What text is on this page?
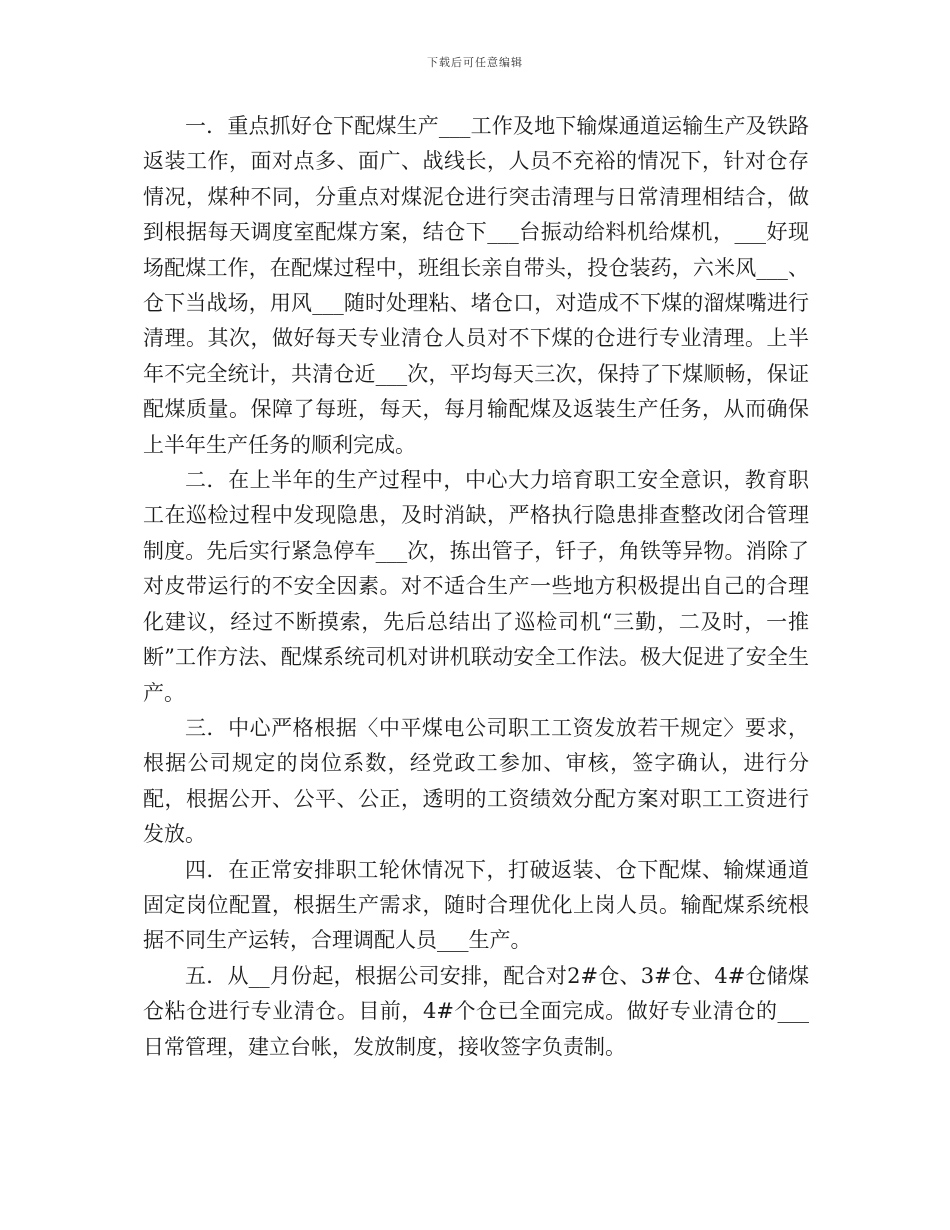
下载后可任意编辑

一．重点抓好仓下配煤生产___工作及地下输煤通道运输生产及铁路返装工作，面对点多、面广、战线长，人员不充裕的情况下，针对仓存情况，煤种不同，分重点对煤泥仓进行突击清理与日常清理相结合，做到根据每天调度室配煤方案，结仓下___台振动给料机给煤机，___好现场配煤工作，在配煤过程中，班组长亲自带头，投仓装药，六米风___、仓下当战场，用风___随时处理粘、堵仓口，对造成不下煤的溜煤嘴进行清理。其次，做好每天专业清仓人员对不下煤的仓进行专业清理。上半年不完全统计，共清仓近___次，平均每天三次，保持了下煤顺畅，保证配煤质量。保障了每班，每天，每月输配煤及返装生产任务，从而确保上半年生产任务的顺利完成。

二．在上半年的生产过程中，中心大力培育职工安全意识，教育职工在巡检过程中发现隐患，及时消缺，严格执行隐患排查整改闭合管理制度。先后实行紧急停车___次，拣出管子，钎子，角铁等异物。消除了对皮带运行的不安全因素。对不适合生产一些地方积极提出自己的合理化建议，经过不断摸索，先后总结出了巡检司机“三勤，二及时，一推断”工作方法、配煤系统司机对讲机联动安全工作法。极大促进了安全生产。

三．中心严格根据〈中平煤电公司职工工资发放若干规定〉要求，根据公司规定的岗位系数，经党政工参加、审核，签字确认，进行分配，根据公开、公平、公正，透明的工资绩效分配方案对职工工资进行发放。

四．在正常安排职工轮休情况下，打破返装、仓下配煤、输煤通道固定岗位配置，根据生产需求，随时合理优化上岗人员。输配煤系统根据不同生产运转，合理调配人员___生产。

五．从__月份起，根据公司安排，配合对2#仓、3#仓、4#仓储煤仓粘仓进行专业清仓。目前，4#个仓已全面完成。做好专业清仓的___日常管理，建立台帐，发放制度，接收签字负责制。
